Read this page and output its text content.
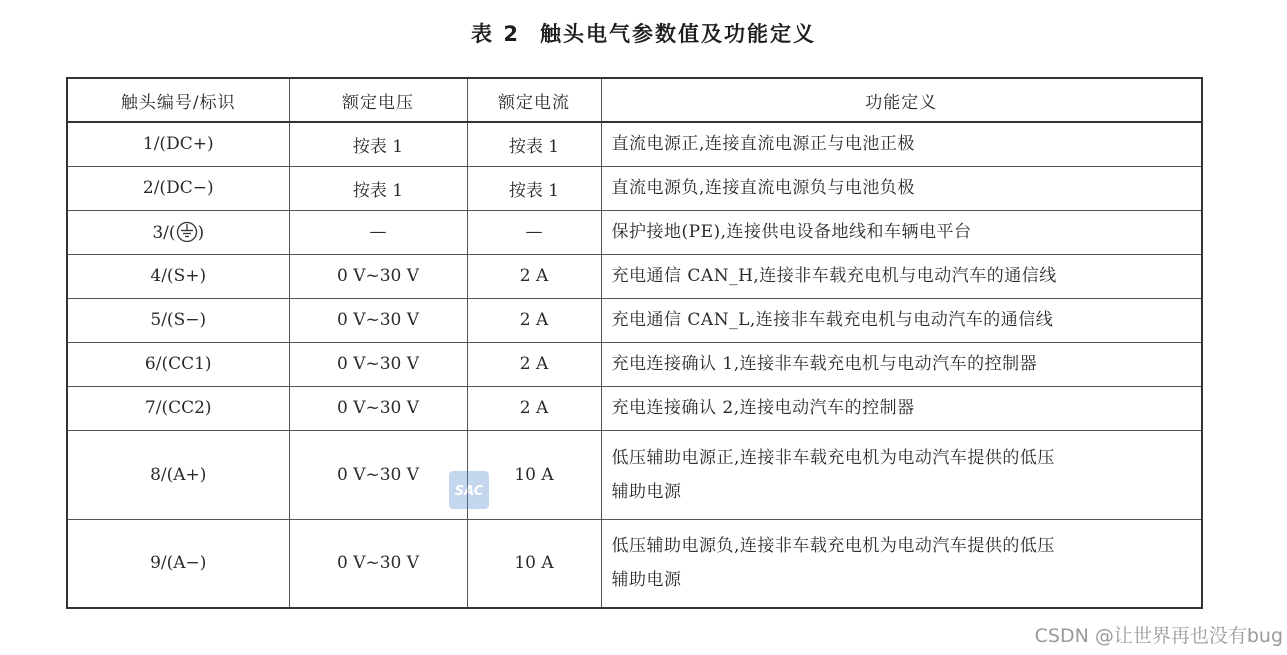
表 2 触头电气参数值及功能定义
触头编号/标识	额定电压	额定电流	功能定义
1/(DC+)	按表 1	按表 1	直流电源正,连接直流电源正与电池正极
2/(DC−)	按表 1	按表 1	直流电源负,连接直流电源负与电池负极
3/( )	—	—	保护接地(PE),连接供电设备地线和车辆电平台
4/(S+)	0 V~30 V	2 A	充电通信 CAN_H,连接非车载充电机与电动汽车的通信线
5/(S−)	0 V~30 V	2 A	充电通信 CAN_L,连接非车载充电机与电动汽车的通信线
6/(CC1)	0 V~30 V	2 A	充电连接确认 1,连接非车载充电机与电动汽车的控制器
7/(CC2)	0 V~30 V	2 A	充电连接确认 2,连接电动汽车的控制器
8/(A+)	0 V~30 V	10 A	低压辅助电源正,连接非车载充电机为电动汽车提供的低压
辅助电源

9/(A−)	0 V~30 V	10 A	低压辅助电源负,连接非车载充电机为电动汽车提供的低压
辅助电源
SAC
CSDN @让世界再也没有bug
